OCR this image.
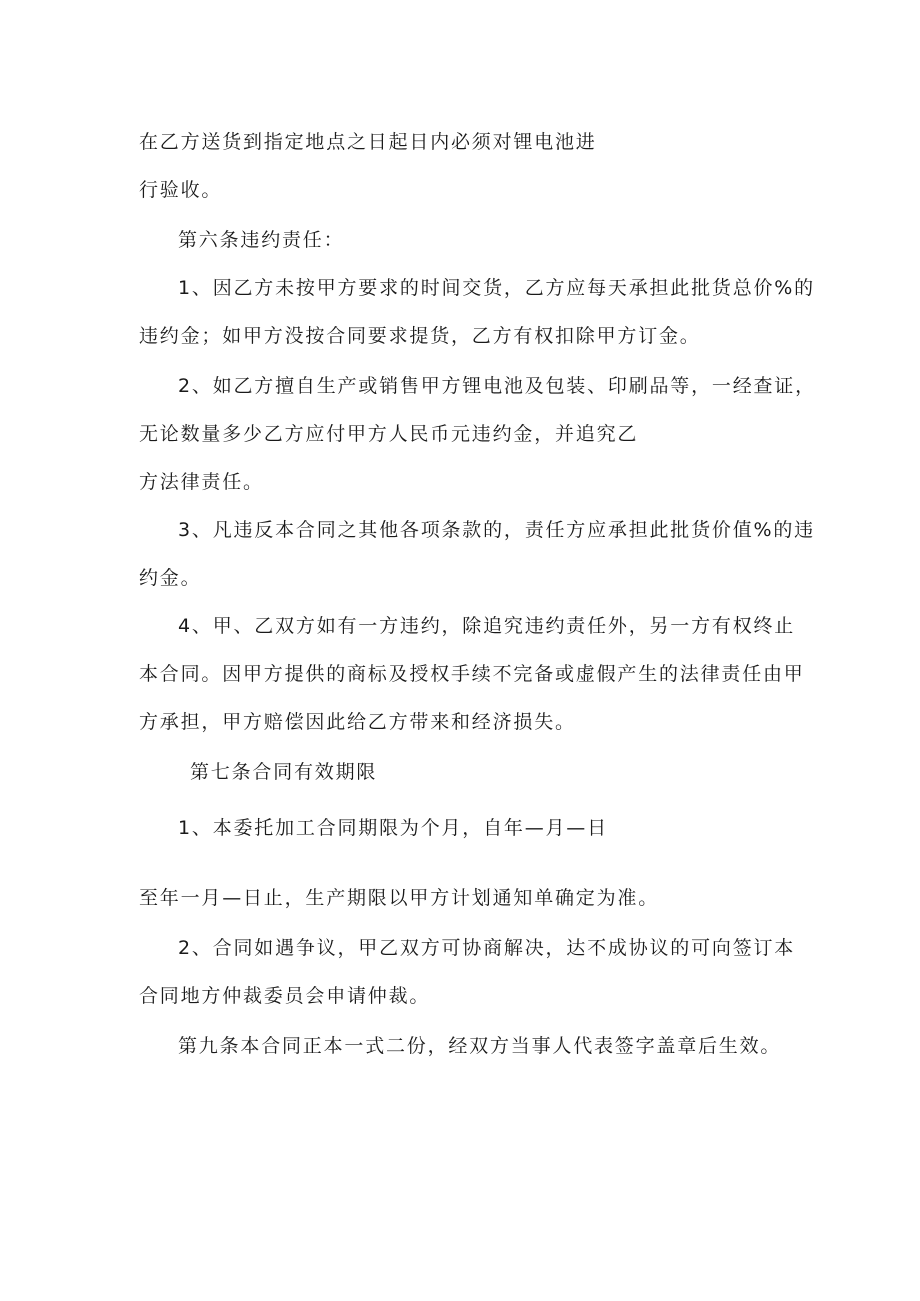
在乙方送货到指定地点之日起日内必须对锂电池进
行验收。
第六条违约责任：
1、因乙方未按甲方要求的时间交货，乙方应每天承担此批货总价%的
违约金；如甲方没按合同要求提货，乙方有权扣除甲方订金。
2、如乙方擅自生产或销售甲方锂电池及包装、印刷品等，一经查证，
无论数量多少乙方应付甲方人民币元违约金，并追究乙
方法律责任。
3、凡违反本合同之其他各项条款的，责任方应承担此批货价值%的违
约金。
4、甲、乙双方如有一方违约，除追究违约责任外，另一方有权终止
本合同。因甲方提供的商标及授权手续不完备或虚假产生的法律责任由甲
方承担，甲方赔偿因此给乙方带来和经济损失。
第七条合同有效期限
1、本委托加工合同期限为个月，自年—月—日
至年一月—日止，生产期限以甲方计划通知单确定为准。
2、合同如遇争议，甲乙双方可协商解决，达不成协议的可向签订本
合同地方仲裁委员会申请仲裁。
第九条本合同正本一式二份，经双方当事人代表签字盖章后生效。
